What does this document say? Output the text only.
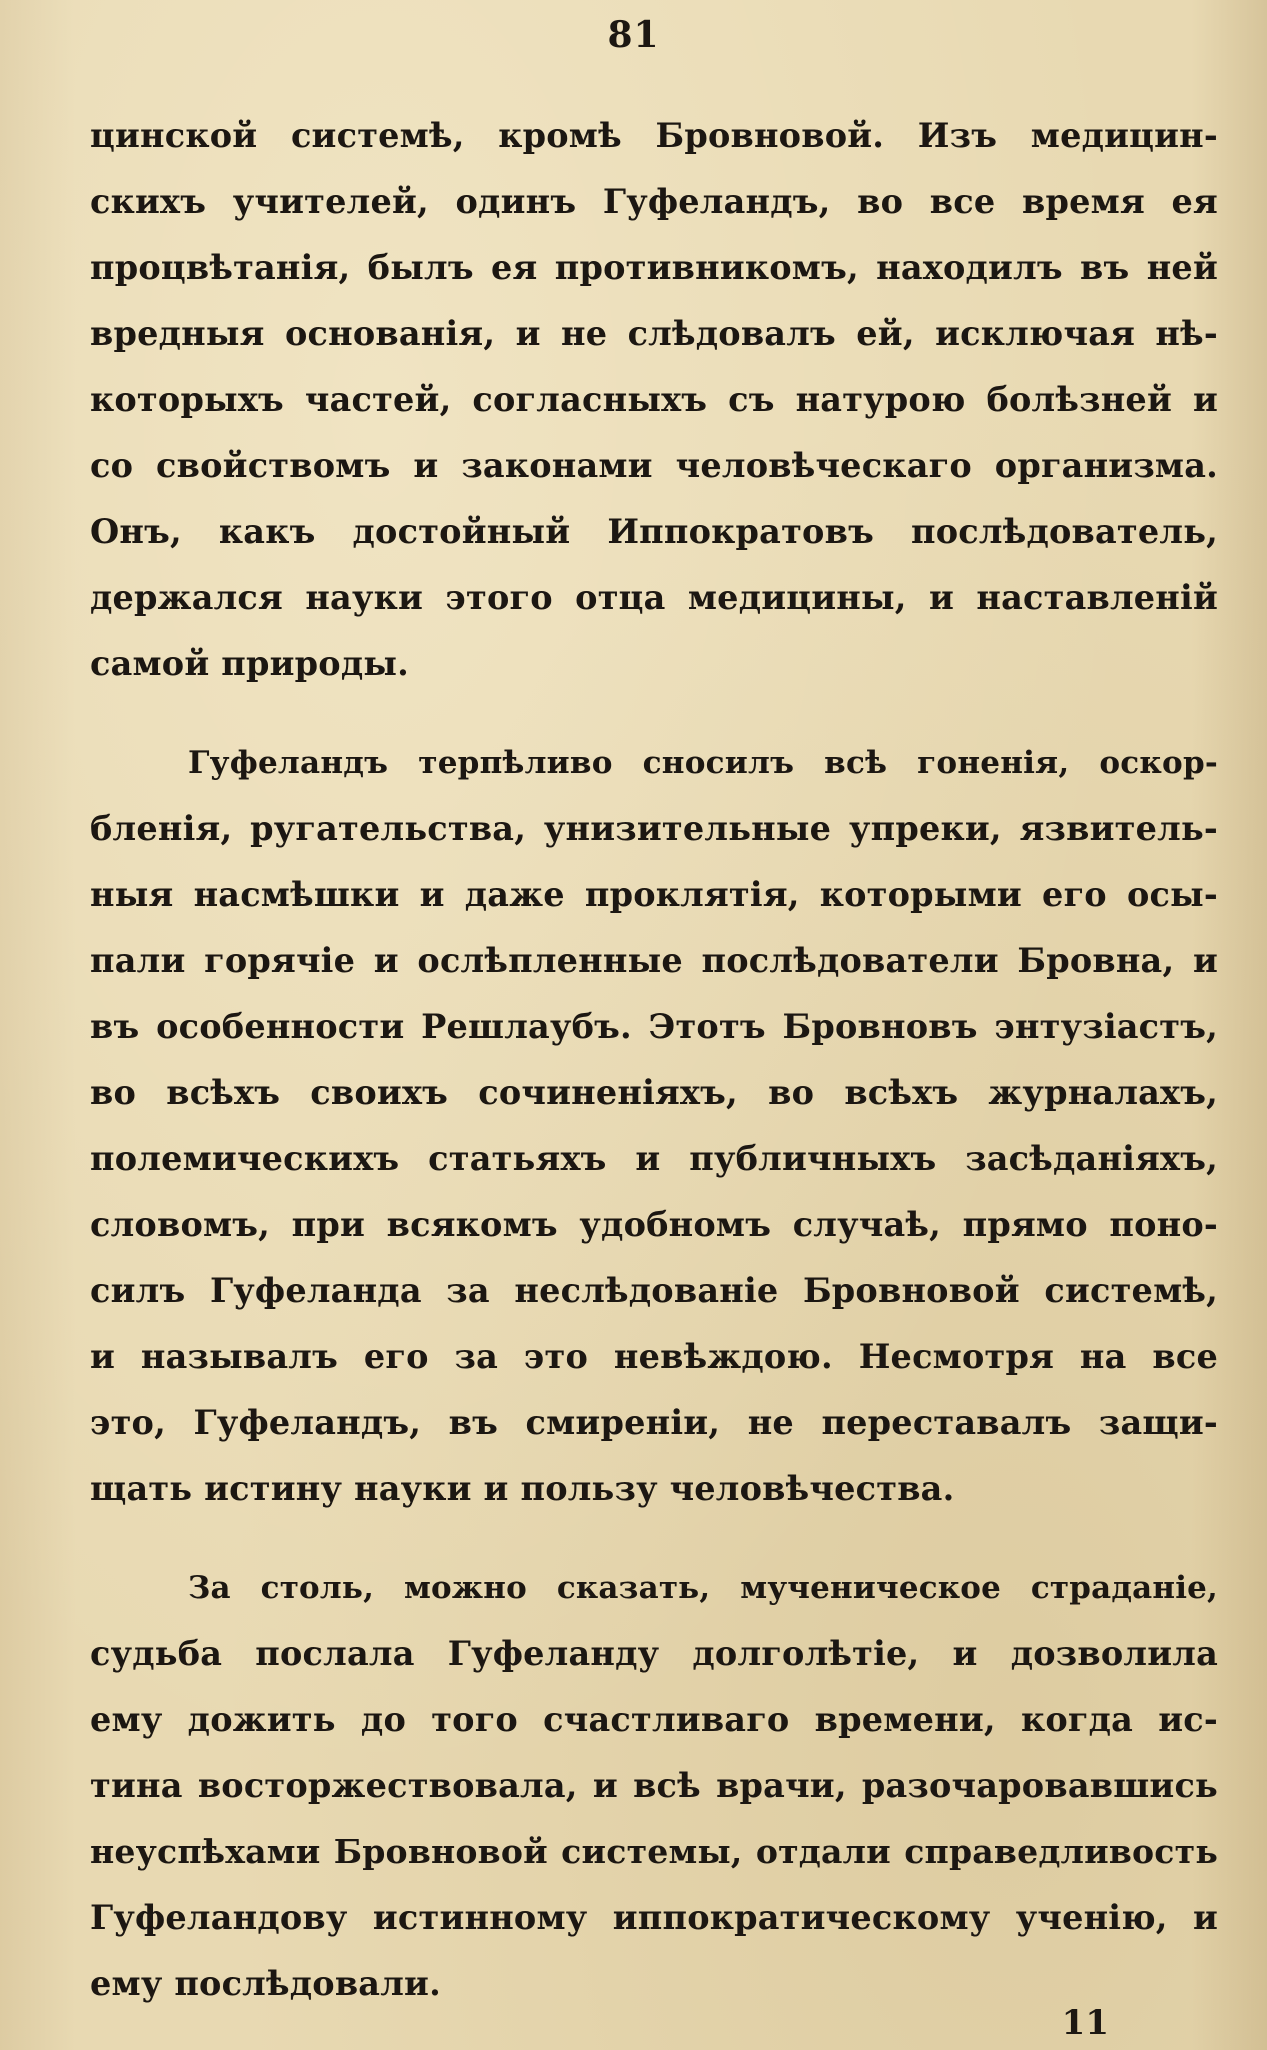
81
цинской системѣ, кромѣ Бровновой. Изъ медицин-
скихъ учителей, одинъ Гуфеландъ, во все время ея
процвѣтанія, былъ ея противникомъ, находилъ въ ней
вредныя основанія, и не слѣдовалъ ей, исключая нѣ-
которыхъ частей, согласныхъ съ натурою болѣзней и
со свойствомъ и законами человѣческаго организма.
Онъ, какъ достойный Иппократовъ послѣдователь,
держался науки этого отца медицины, и наставленій
самой природы.
Гуфеландъ терпѣливо сносилъ всѣ гоненія, оскор-
бленія, ругательства, унизительные упреки, язвитель-
ныя насмѣшки и даже проклятія, которыми его осы-
пали горячіе и ослѣпленные послѣдователи Бровна, и
въ особенности Решлаубъ. Этотъ Бровновъ энтузіастъ,
во всѣхъ своихъ сочиненіяхъ, во всѣхъ журналахъ,
полемическихъ статьяхъ и публичныхъ засѣданіяхъ,
словомъ, при всякомъ удобномъ случаѣ, прямо поно-
силъ Гуфеланда за неслѣдованіе Бровновой системѣ,
и называлъ его за это невѣждою. Несмотря на все
это, Гуфеландъ, въ смиреніи, не переставалъ защи-
щать истину науки и пользу человѣчества.
За столь, можно сказать, мученическое страданіе,
судьба послала Гуфеланду долголѣтіе, и дозволила
ему дожить до того счастливаго времени, когда ис-
тина восторжествовала, и всѣ врачи, разочаровавшись
неуспѣхами Бровновой системы, отдали справедливость
Гуфеландову истинному иппократическому ученію, и
ему послѣдовали.
11
